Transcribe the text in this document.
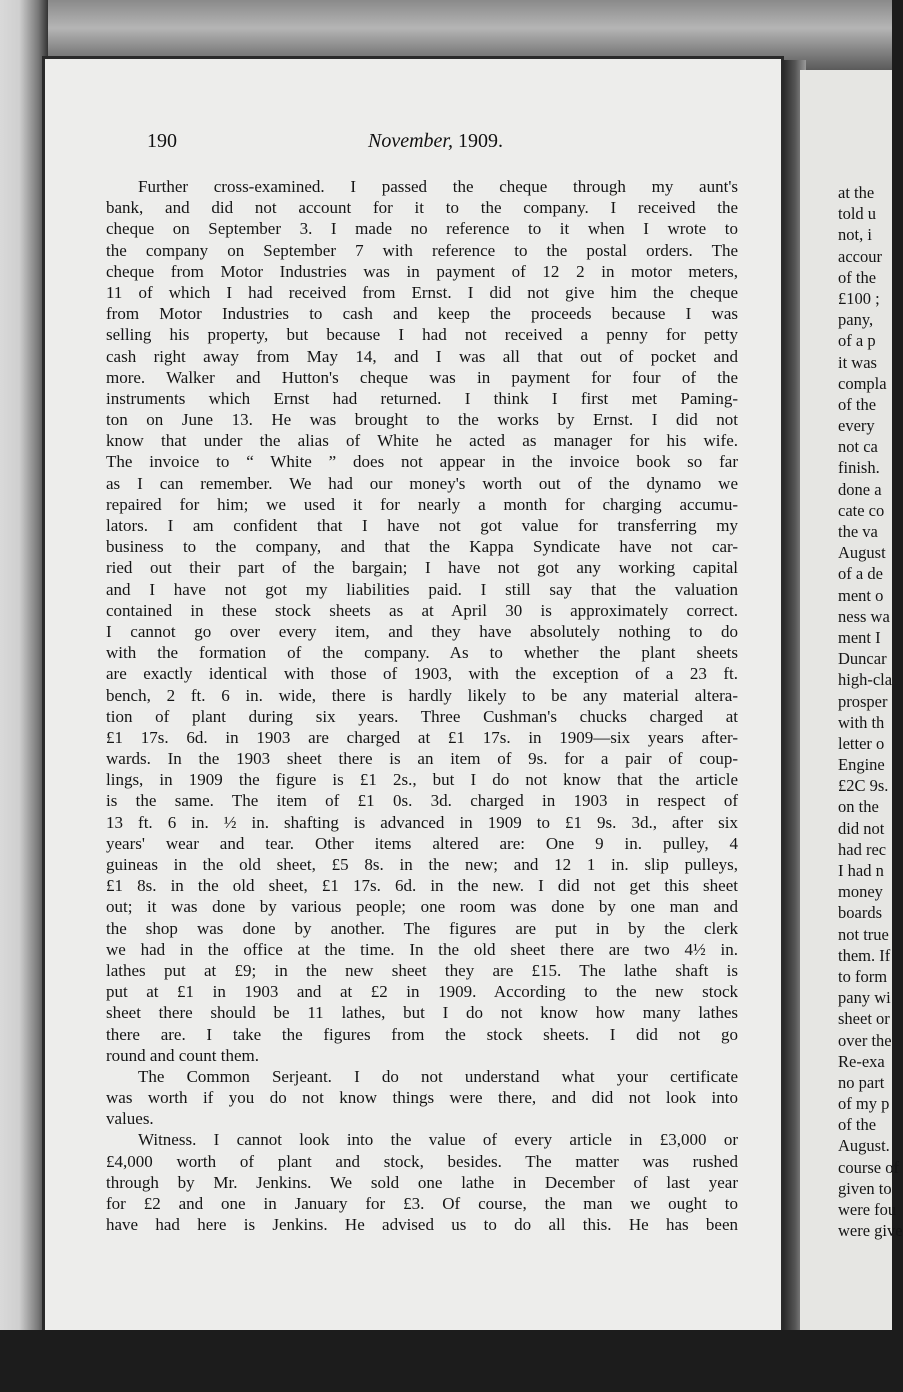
190	November, 1909.
Further cross-examined. I passed the cheque through my aunt's
bank, and did not account for it to the company. I received the
cheque on September 3. I made no reference to it when I wrote to
the company on September 7 with reference to the postal orders. The
cheque from Motor Industries was in payment of 12 2 in motor meters,
11 of which I had received from Ernst. I did not give him the cheque
from Motor Industries to cash and keep the proceeds because I was
selling his property, but because I had not received a penny for petty
cash right away from May 14, and I was all that out of pocket and
more. Walker and Hutton's cheque was in payment for four of the
instruments which Ernst had returned. I think I first met Paming-
ton on June 13. He was brought to the works by Ernst. I did not
know that under the alias of White he acted as manager for his wife.
The invoice to “ White ” does not appear in the invoice book so far
as I can remember. We had our money's worth out of the dynamo we
repaired for him; we used it for nearly a month for charging accumu-
lators. I am confident that I have not got value for transferring my
business to the company, and that the Kappa Syndicate have not car-
ried out their part of the bargain; I have not got any working capital
and I have not got my liabilities paid. I still say that the valuation
contained in these stock sheets as at April 30 is approximately correct.
I cannot go over every item, and they have absolutely nothing to do
with the formation of the company. As to whether the plant sheets
are exactly identical with those of 1903, with the exception of a 23 ft.
bench, 2 ft. 6 in. wide, there is hardly likely to be any material altera-
tion of plant during six years. Three Cushman's chucks charged at
£1 17s. 6d. in 1903 are charged at £1 17s. in 1909—six years after-
wards. In the 1903 sheet there is an item of 9s. for a pair of coup-
lings, in 1909 the figure is £1 2s., but I do not know that the article
is the same. The item of £1 0s. 3d. charged in 1903 in respect of
13 ft. 6 in. ½ in. shafting is advanced in 1909 to £1 9s. 3d., after six
years' wear and tear. Other items altered are: One 9 in. pulley, 4
guineas in the old sheet, £5 8s. in the new; and 12 1 in. slip pulleys,
£1 8s. in the old sheet, £1 17s. 6d. in the new. I did not get this sheet
out; it was done by various people; one room was done by one man and
the shop was done by another. The figures are put in by the clerk
we had in the office at the time. In the old sheet there are two 4½ in.
lathes put at £9; in the new sheet they are £15. The lathe shaft is
put at £1 in 1903 and at £2 in 1909. According to the new stock
sheet there should be 11 lathes, but I do not know how many lathes
there are. I take the figures from the stock sheets. I did not go
round and count them.
The Common Serjeant. I do not understand what your certificate
was worth if you do not know things were there, and did not look into
values.
Witness. I cannot look into the value of every article in £3,000 or
£4,000 worth of plant and stock, besides. The matter was rushed
through by Mr. Jenkins. We sold one lathe in December of last year
for £2 and one in January for £3. Of course, the man we ought to
have had here is Jenkins. He advised us to do all this. He has been
at the
told u
not, i
accour
of the
£100 ;
pany,
of a p
it was
compla
of the
every
not ca
finish.
done a
cate co
the va
August
of a de
ment o
ness wa
ment I
Duncar
high-cla
prosper
with th
letter o
Engine
£2C 9s.
on the
did not
had rec
I had n
money
boards
not true
them. If
to form
pany wi
sheet or
over the
Re-exa
no part
of my p
of the
August.
course of
given to
were fou
were give
